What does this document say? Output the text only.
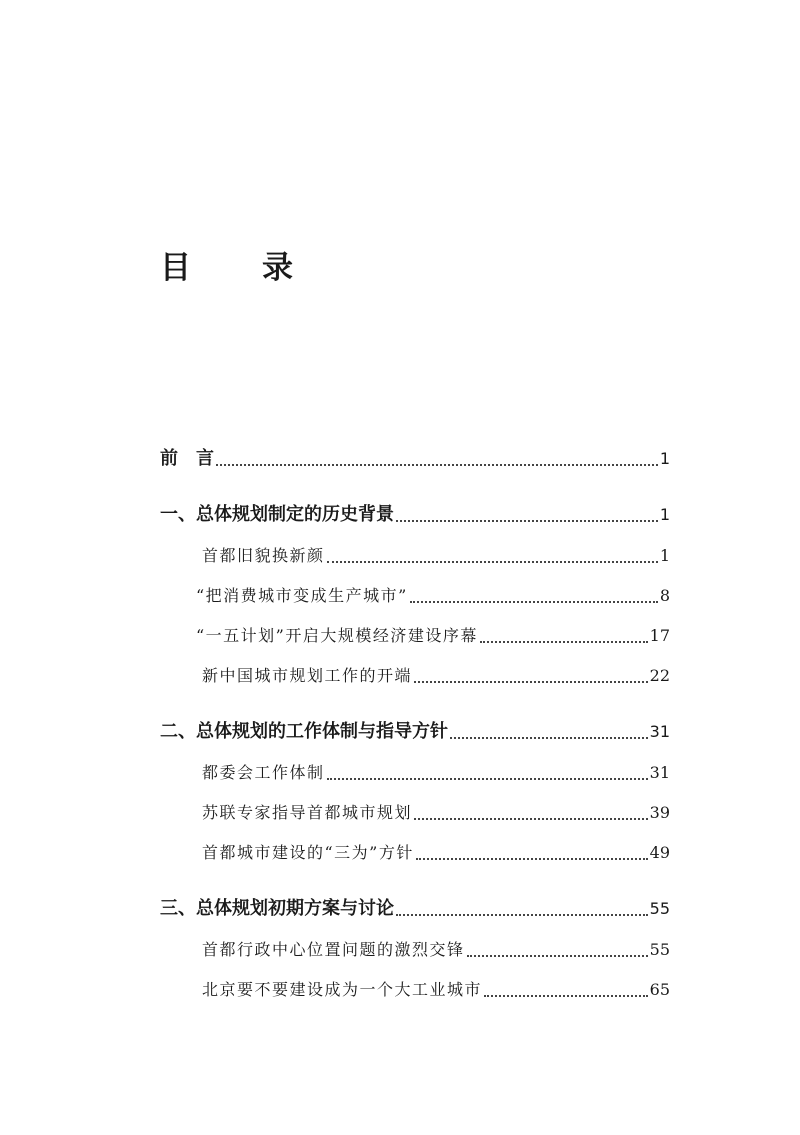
目　录
前　言	1
一、总体规划制定的历史背景	1
首都旧貌换新颜	1
“把消费城市变成生产城市”	8
“一五计划”开启大规模经济建设序幕	17
新中国城市规划工作的开端	22
二、总体规划的工作体制与指导方针	31
都委会工作体制	31
苏联专家指导首都城市规划	39
首都城市建设的“三为”方针	49
三、总体规划初期方案与讨论	55
首都行政中心位置问题的激烈交锋	55
北京要不要建设成为一个大工业城市	65
